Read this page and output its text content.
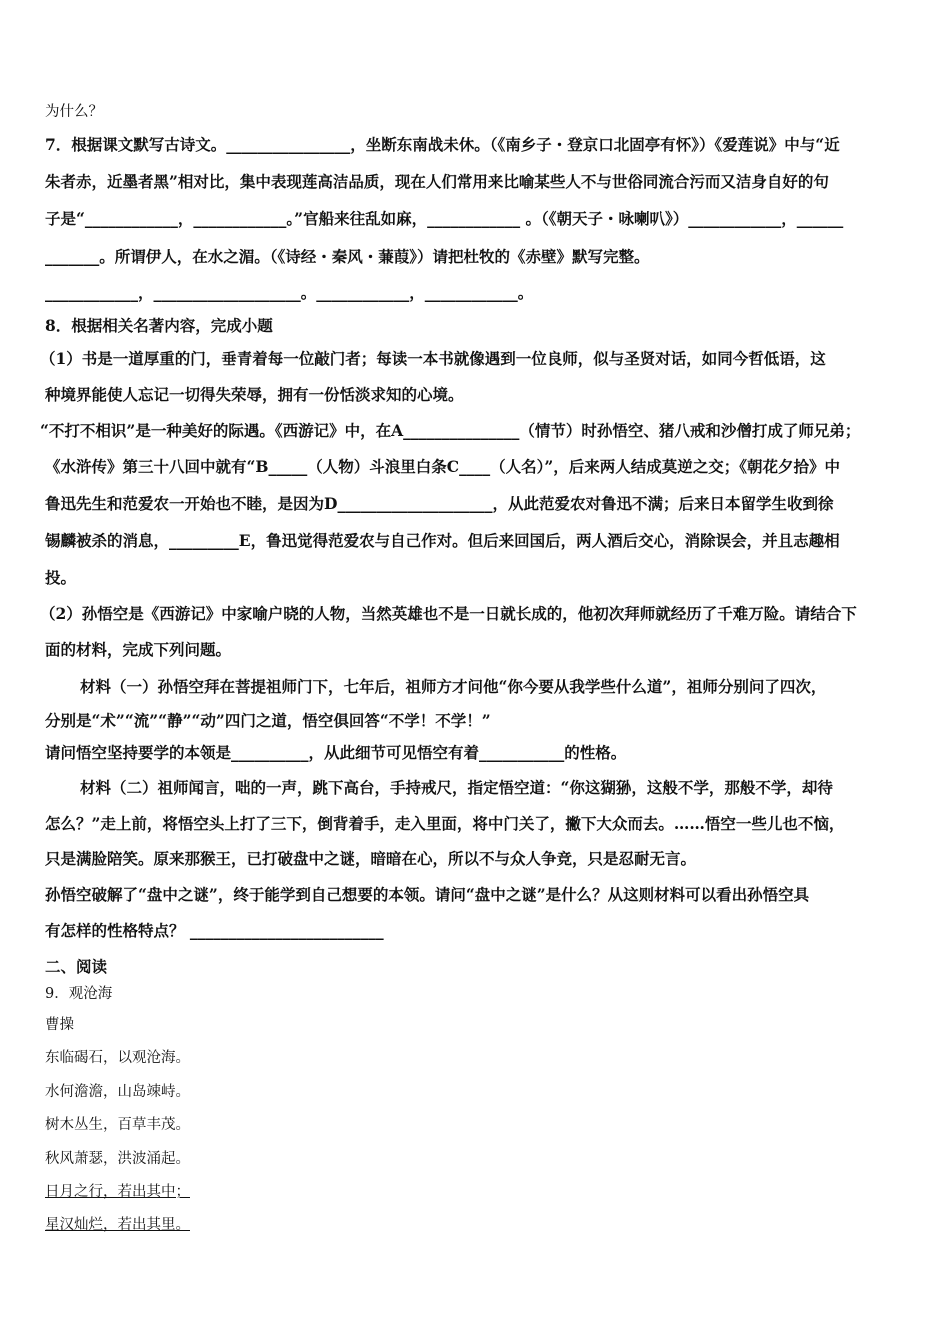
为什么？
7．根据课文默写古诗文。________________，坐断东南战未休。（《南乡子・登京口北固亭有怀》）《爱莲说》中与“近
朱者赤，近墨者黑”相对比，集中表现莲高洁品质，现在人们常用来比喻某些人不与世俗同流合污而又洁身自好的句
子是“____________，____________。”官船来往乱如麻，____________ 。（《朝天子・咏喇叭》）____________，______
_______。所谓伊人，在水之湄。（《诗经・秦风・蒹葭》）请把杜牧的《赤壁》默写完整。
____________，___________________。____________，____________。
8．根据相关名著内容，完成小题
（1）书是一道厚重的门，垂青着每一位敲门者；每读一本书就像遇到一位良师，似与圣贤对话，如同今哲低语，这
种境界能使人忘记一切得失荣辱，拥有一份恬淡求知的心境。
“不打不相识”是一种美好的际遇。《西游记》中，在A_______________（情节）时孙悟空、猪八戒和沙僧打成了师兄弟；
《水浒传》第三十八回中就有“B_____（人物）斗浪里白条C____（人名）”，后来两人结成莫逆之交；《朝花夕拾》中
鲁迅先生和范爱农一开始也不睦，是因为D____________________，从此范爱农对鲁迅不满；后来日本留学生收到徐
锡麟被杀的消息，_________E，鲁迅觉得范爱农与自己作对。但后来回国后，两人酒后交心，消除误会，并且志趣相
投。
（2）孙悟空是《西游记》中家喻户晓的人物，当然英雄也不是一日就长成的，他初次拜师就经历了千难万险。请结合下
面的材料，完成下列问题。
材料（一）孙悟空拜在菩提祖师门下，七年后，祖师方才问他“你今要从我学些什么道”，祖师分别问了四次，
分别是“术”“流”“静”“动”四门之道，悟空俱回答“不学！不学！”
请问悟空坚持要学的本领是__________，从此细节可见悟空有着___________的性格。
材料（二）祖师闻言，咄的一声，跳下高台，手持戒尺，指定悟空道：“你这猢狲，这般不学，那般不学，却待
怎么？”走上前，将悟空头上打了三下，倒背着手，走入里面，将中门关了，撇下大众而去。……悟空一些儿也不恼，
只是满脸陪笑。原来那猴王，已打破盘中之谜，暗暗在心，所以不与众人争竞，只是忍耐无言。
孙悟空破解了“盘中之谜”，终于能学到自己想要的本领。请问“盘中之谜”是什么？从这则材料可以看出孙悟空具
有怎样的性格特点？ _________________________
二、阅读
9．观沧海
曹操
东临碣石，以观沧海。
水何澹澹，山岛竦峙。
树木丛生，百草丰茂。
秋风萧瑟，洪波涌起。
日月之行，若出其中；
星汉灿烂，若出其里。
